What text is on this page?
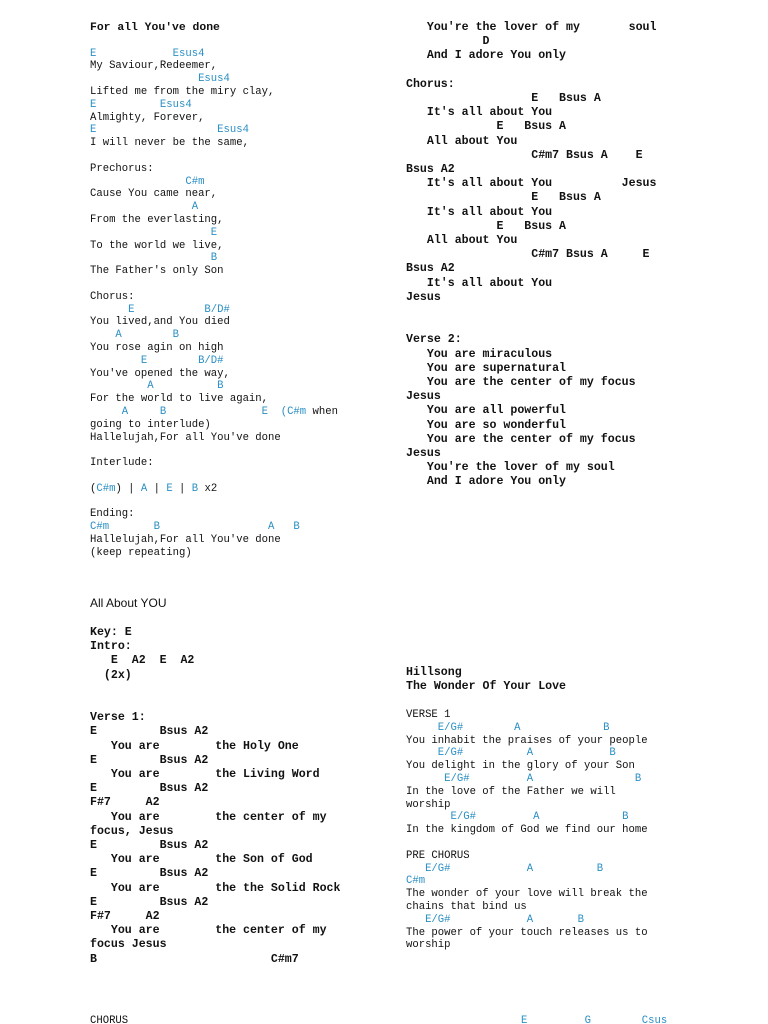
For all You've done
E            Esus4
My Saviour,Redeemer,
Esus4
Lifted me from the miry clay,
E          Esus4
Almighty, Forever,
E                   Esus4
I will never be the same,

Prechorus:
C#m
Cause You came near,
A
From the everlasting,
E
To the world we live,
B
The Father's only Son

Chorus:
E           B/D#
You lived,and You died
A        B
You rose agin on high
E        B/D#
You've opened the way,
A          B
For the world to live again,
A     B               E  (C#m when
going to interlude)
Hallelujah,For all You've done

Interlude:

(C#m) | A | E | B x2

Ending:
C#m       B                 A   B
Hallelujah,For all You've done
(keep repeating)
You're the lover of my       soul
D
And I adore You only

Chorus:
E   Bsus A
It's all about You
E   Bsus A
All about You
C#m7 Bsus A    E
Bsus A2
It's all about You          Jesus
E   Bsus A
It's all about You
E   Bsus A
All about You
C#m7 Bsus A     E
Bsus A2
It's all about You
Jesus

Verse 2:
You are miraculous
You are supernatural
You are the center of my focus
Jesus
You are all powerful
You are so wonderful
You are the center of my focus
Jesus
You're the lover of my soul
And I adore You only
All About YOU
Key: E
Intro:
E  A2  E  A2
(2x)

Verse 1:
E         Bsus A2
You are        the Holy One
E         Bsus A2
You are        the Living Word
E         Bsus A2
F#7     A2
You are        the center of my
focus, Jesus
E         Bsus A2
You are        the Son of God
E         Bsus A2
You are        the the Solid Rock
E         Bsus A2
F#7     A2
You are        the center of my
focus Jesus
B                         C#m7
Hillsong
The Wonder Of Your Love
VERSE 1
E/G#        A             B
You inhabit the praises of your people
E/G#          A            B
You delight in the glory of your Son
E/G#         A                B
In the love of the Father we will
worship
E/G#         A             B
In the kingdom of God we find our home

PRE CHORUS
E/G#            A          B
C#m
The wonder of your love will break the
chains that bind us
E/G#            A       B
The power of your touch releases us to
worship
CHORUS	E         G        Csus
